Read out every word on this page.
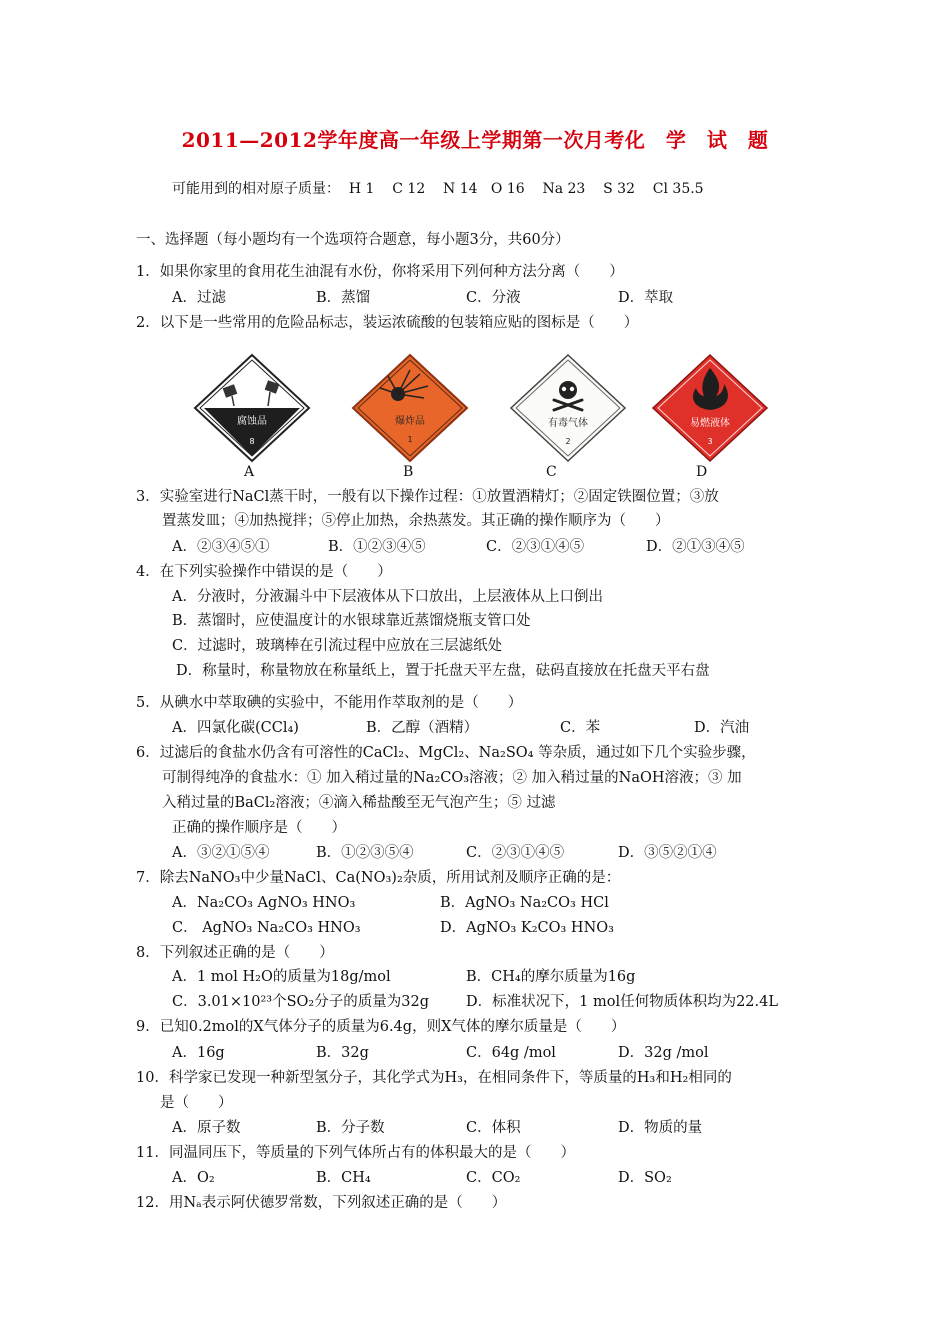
2011—2012学年度高一年级上学期第一次月考化　学　试　题
可能用到的相对原子质量：  H 1    C 12    N 14   O 16    Na 23    S 32    Cl 35.5
一、选择题（每小题均有一个选项符合题意，每小题3分，共60分）
1．如果你家里的食用花生油混有水份，你将采用下列何种方法分离（　　）
A．过滤	B．蒸馏	C．分液	D．萃取
2．以下是一些常用的危险品标志，装运浓硫酸的包装箱应贴的图标是（　　）
腐蚀品
8
爆炸品
1
有毒气体
2
易燃液体
3
A	B	C	D
3．实验室进行NaCl蒸干时，一般有以下操作过程：①放置酒精灯；②固定铁圈位置；③放
置蒸发皿；④加热搅拌；⑤停止加热，余热蒸发。其正确的操作顺序为（　　）
A．②③④⑤①	B．①②③④⑤	C．②③①④⑤	D．②①③④⑤
4．在下列实验操作中错误的是（　　）
A．分液时，分液漏斗中下层液体从下口放出，上层液体从上口倒出
B．蒸馏时，应使温度计的水银球靠近蒸馏烧瓶支管口处
C．过滤时，玻璃棒在引流过程中应放在三层滤纸处
D．称量时，称量物放在称量纸上，置于托盘天平左盘，砝码直接放在托盘天平右盘
5．从碘水中萃取碘的实验中，不能用作萃取剂的是（　　）
A．四氯化碳(CCl₄)	B．乙醇（酒精）	C．苯	D．汽油
6．过滤后的食盐水仍含有可溶性的CaCl₂、MgCl₂、Na₂SO₄ 等杂质，通过如下几个实验步骤，
可制得纯净的食盐水：① 加入稍过量的Na₂CO₃溶液；② 加入稍过量的NaOH溶液；③ 加
入稍过量的BaCl₂溶液；④滴入稀盐酸至无气泡产生；⑤ 过滤
正确的操作顺序是（　　）
A．③②①⑤④	B．①②③⑤④	C．②③①④⑤	D．③⑤②①④
7．除去NaNO₃中少量NaCl、Ca(NO₃)₂杂质，所用试剂及顺序正确的是：
A．Na₂CO₃ AgNO₃ HNO₃	B．AgNO₃ Na₂CO₃ HCl
C． AgNO₃ Na₂CO₃ HNO₃	D．AgNO₃ K₂CO₃ HNO₃
8．下列叙述正确的是（　　）
A．1 mol H₂O的质量为18g/mol	B．CH₄的摩尔质量为16g
C．3.01×10²³个SO₂分子的质量为32g	D．标准状况下，1 mol任何物质体积均为22.4L
9．已知0.2mol的X气体分子的质量为6.4g，则X气体的摩尔质量是（　　）
A．16g	B．32g	C．64g /mol	D．32g /mol
10．科学家已发现一种新型氢分子，其化学式为H₃，在相同条件下，等质量的H₃和H₂相同的
是（　　）
A．原子数	B．分子数	C．体积	D．物质的量
11．同温同压下，等质量的下列气体所占有的体积最大的是（　　）
A．O₂	B．CH₄	C．CO₂	D．SO₂
12．用Nₐ表示阿伏德罗常数，下列叙述正确的是（　　）
